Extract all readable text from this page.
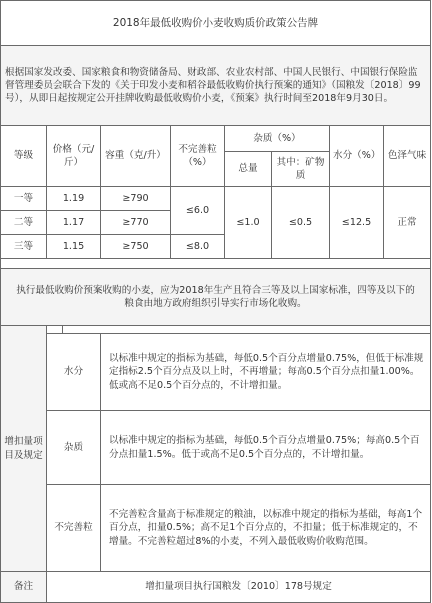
2018年最低收购价小麦收购质价政策公告牌								
根据国家发改委、国家粮食和物资储备局、财政部、农业农村部、中国人民银行、中国银行保险监督管理委员会联合下发的《关于印发小麦和稻谷最低收购价执行预案的通知》（国粮发〔2018〕99号），从即日起按规定公开挂牌收购最低收购价小麦，《预案》执行时间至2018年9月30日。								
等级	价格（元/斤）		容重（克/升）	不完善粒（%）	杂质（%）		水分（%）	色泽气味
					总量	其中：矿物质		
一等	1.19		≥790	≤6.0	≤1.0	≤0.5	≤12.5	正常
二等	1.17		≥770					
三等	1.15		≥750	≤8.0				

执行最低收购价预案收购的小麦，应为2018年生产且符合三等及以上国家标准，四等及以下的粮食由地方政府组织引导实行市场化收购。								
增扣量项目及规定								
	水分		以标准中规定的指标为基础，每低0.5个百分点增量0.75%，但低于标准规定指标2.5个百分点及以上时，不再增量；每高0.5个百分点扣量1.00%。低或高不足0.5个百分点的，不计增扣量。					
	杂质		以标准中规定的指标为基础，每低0.5个百分点增量0.75%；每高0.5个百分点扣量1.5%。低于或高不足0.5个百分点的，不计增扣量。					
	不完善粒		不完善粒含量高于标准规定的粮油，以标准中规定的指标为基础，每高1个百分点，扣量0.5%；高不足1个百分点的，不扣量；低于标准规定的，不增量。不完善粒超过8%的小麦，不列入最低收购价收购范围。					
备注	增扣量项目执行国粮发〔2010〕178号规定							
